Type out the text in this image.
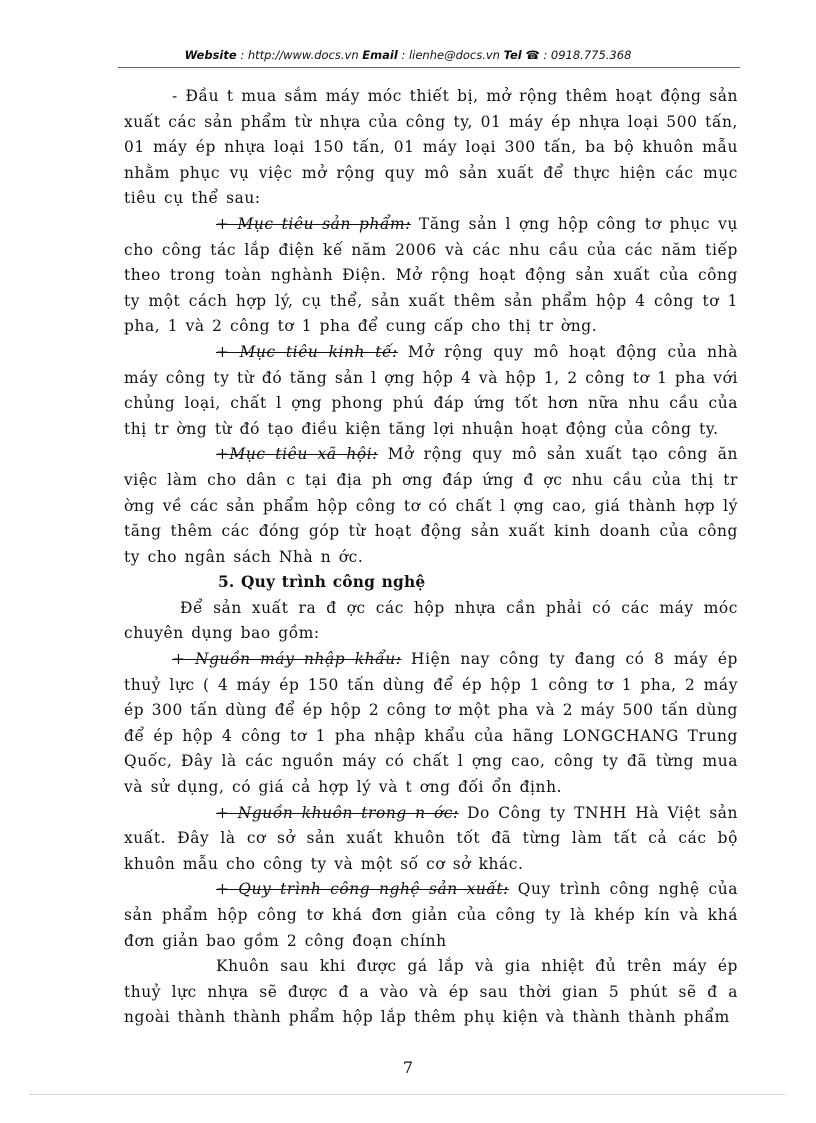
Website : http://www.docs.vn Email : lienhe@docs.vn Tel ☎ : 0918.775.368

- Đầu t mua sắm máy móc thiết bị, mở rộng thêm hoạt động sản xuất các sản phẩm từ nhựa của công ty, 01 máy ép nhựa loại 500 tấn, 01 máy ép nhựa loại 150 tấn, 01 máy loại 300 tấn, ba bộ khuôn mẫu nhằm phục vụ việc mở rộng quy mô sản xuất để thực hiện các mục tiêu cụ thể sau:

+ Mục tiêu sản phẩm: Tăng sản l ợng hộp công tơ phục vụ cho công tác lắp điện kế năm 2006 và các nhu cầu của các năm tiếp theo trong toàn nghành Điện. Mở rộng hoạt động sản xuất của công ty một cách hợp lý, cụ thể, sản xuất thêm sản phẩm hộp 4 công tơ 1 pha, 1 và 2 công tơ 1 pha để cung cấp cho thị tr ờng.

+ Mục tiêu kinh tế: Mở rộng quy mô hoạt động của nhà máy công ty từ đó tăng sản l ợng hộp 4 và hộp 1, 2 công tơ 1 pha với chủng loại, chất l ợng phong phú đáp ứng tốt hơn nữa nhu cầu của thị tr ờng từ đó tạo điều kiện tăng lợi nhuận hoạt động của công ty.

+Mục tiêu xã hội: Mở rộng quy mô sản xuất tạo công ăn việc làm cho dân c tại địa ph ơng đáp ứng đ ợc nhu cầu của thị tr ờng về các sản phẩm hộp công tơ có chất l ợng cao, giá thành hợp lý tăng thêm các đóng góp từ hoạt động sản xuất kinh doanh của công ty cho ngân sách Nhà n ớc.

5. Quy trình công nghệ

Để sản xuất ra đ ợc các hộp nhựa cần phải có các máy móc chuyên dụng bao gồm:

+ Nguồn máy nhập khẩu: Hiện nay công ty đang có 8 máy ép thuỷ lực ( 4 máy ép 150 tấn dùng để ép hộp 1 công tơ 1 pha, 2 máy ép 300 tấn dùng để ép hộp 2 công tơ một pha và 2 máy 500 tấn dùng để ép hộp 4 công tơ 1 pha nhập khẩu của hãng LONGCHANG Trung Quốc, Đây là các nguồn máy có chất l ợng cao, công ty đã từng mua và sử dụng, có giá cả hợp lý và t ơng đối ổn định.

+ Nguồn khuôn trong n ớc: Do Công ty TNHH Hà Việt sản xuất. Đây là cơ sở sản xuất khuôn tốt đã từng làm tất cả các bộ khuôn mẫu cho công ty và một số cơ sở khác.

+ Quy trình công nghệ sản xuất: Quy trình công nghệ của sản phẩm hộp công tơ khá đơn giản của công ty là khép kín và khá đơn giản bao gồm 2 công đoạn chính

Khuôn sau khi được gá lắp và gia nhiệt đủ trên máy ép thuỷ lực nhựa sẽ được đ a vào và ép sau thời gian 5 phút sẽ đ a ngoài thành thành phẩm hộp lắp thêm phụ kiện và thành thành phẩm

7
